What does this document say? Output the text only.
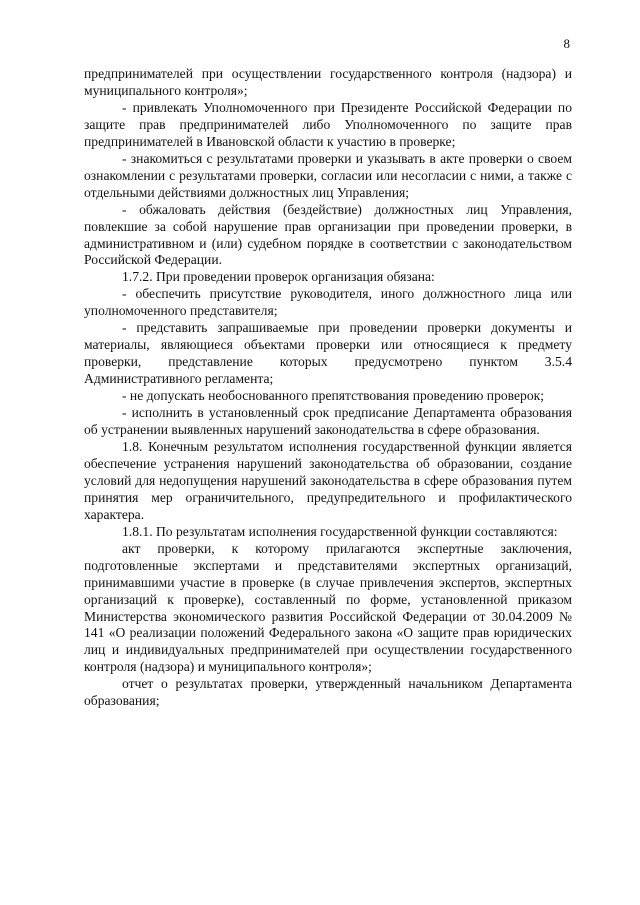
8

предпринимателей при осуществлении государственного контроля (надзора) и муниципального контроля»;

- привлекать Уполномоченного при Президенте Российской Федерации по защите прав предпринимателей либо Уполномоченного по защите прав предпринимателей в Ивановской области к участию в проверке;

- знакомиться с результатами проверки и указывать в акте проверки о своем ознакомлении с результатами проверки, согласии или несогласии с ними, а также с отдельными действиями должностных лиц Управления;

- обжаловать действия (бездействие) должностных лиц Управления, повлекшие за собой нарушение прав организации при проведении проверки, в административном и (или) судебном порядке в соответствии с законодательством Российской Федерации.

1.7.2. При проведении проверок организация обязана:

- обеспечить присутствие руководителя, иного должностного лица или уполномоченного представителя;

- представить запрашиваемые при проведении проверки документы и материалы, являющиеся объектами проверки или относящиеся к предмету проверки, представление которых предусмотрено пунктом 3.5.4 Административного регламента;

- не допускать необоснованного препятствования проведению проверок;

- исполнить в установленный срок предписание Департамента образования об устранении выявленных нарушений законодательства в сфере образования.

1.8. Конечным результатом исполнения государственной функции является обеспечение устранения нарушений законодательства об образовании, создание условий для недопущения нарушений законодательства в сфере образования путем принятия мер ограничительного, предупредительного и профилактического характера.

1.8.1. По результатам исполнения государственной функции составляются:

акт проверки, к которому прилагаются экспертные заключения, подготовленные экспертами и представителями экспертных организаций, принимавшими участие в проверке (в случае привлечения экспертов, экспертных организаций к проверке), составленный по форме, установленной приказом Министерства экономического развития Российской Федерации от 30.04.2009 № 141 «О реализации положений Федерального закона «О защите прав юридических лиц и индивидуальных предпринимателей при осуществлении государственного контроля (надзора) и муниципального контроля»;

отчет о результатах проверки, утвержденный начальником Департамента образования;
